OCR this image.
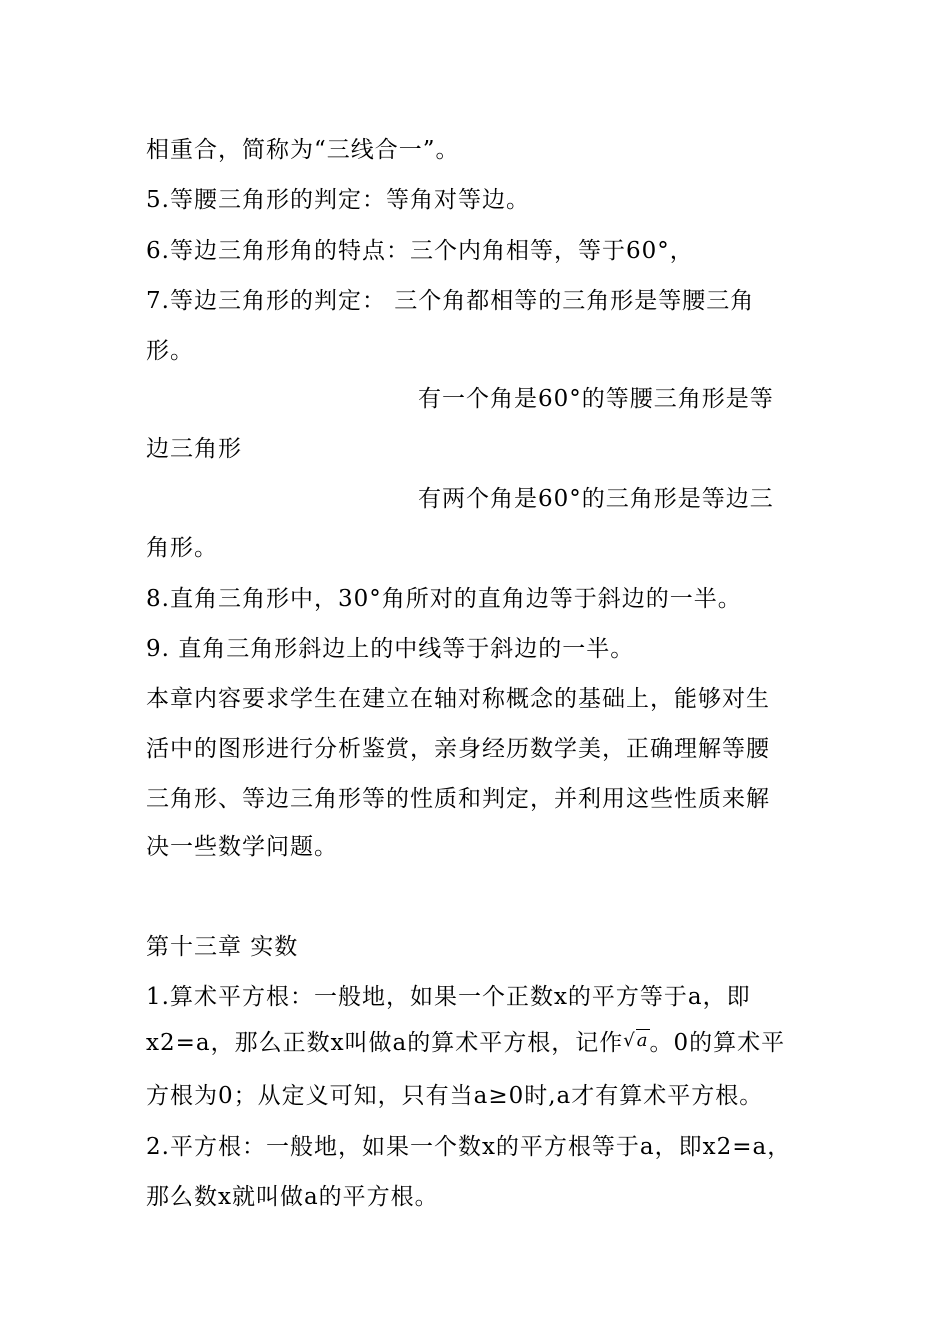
相重合，简称为“三线合一”。
5.等腰三角形的判定：等角对等边。
6.等边三角形角的特点：三个内角相等，等于60°，
7.等边三角形的判定： 三个角都相等的三角形是等腰三角
形。
有一个角是60°的等腰三角形是等
边三角形
有两个角是60°的三角形是等边三
角形。
8.直角三角形中，30°角所对的直角边等于斜边的一半。
9. 直角三角形斜边上的中线等于斜边的一半。
本章内容要求学生在建立在轴对称概念的基础上，能够对生
活中的图形进行分析鉴赏，亲身经历数学美，正确理解等腰
三角形、等边三角形等的性质和判定，并利用这些性质来解
决一些数学问题。
第十三章 实数
1.算术平方根：一般地，如果一个正数x的平方等于a，即
x2=a，那么正数x叫做a的算术平方根，记作√a。0的算术平
方根为0；从定义可知，只有当a≥0时,a才有算术平方根。
2.平方根：一般地，如果一个数x的平方根等于a，即x2=a，
那么数x就叫做a的平方根。
